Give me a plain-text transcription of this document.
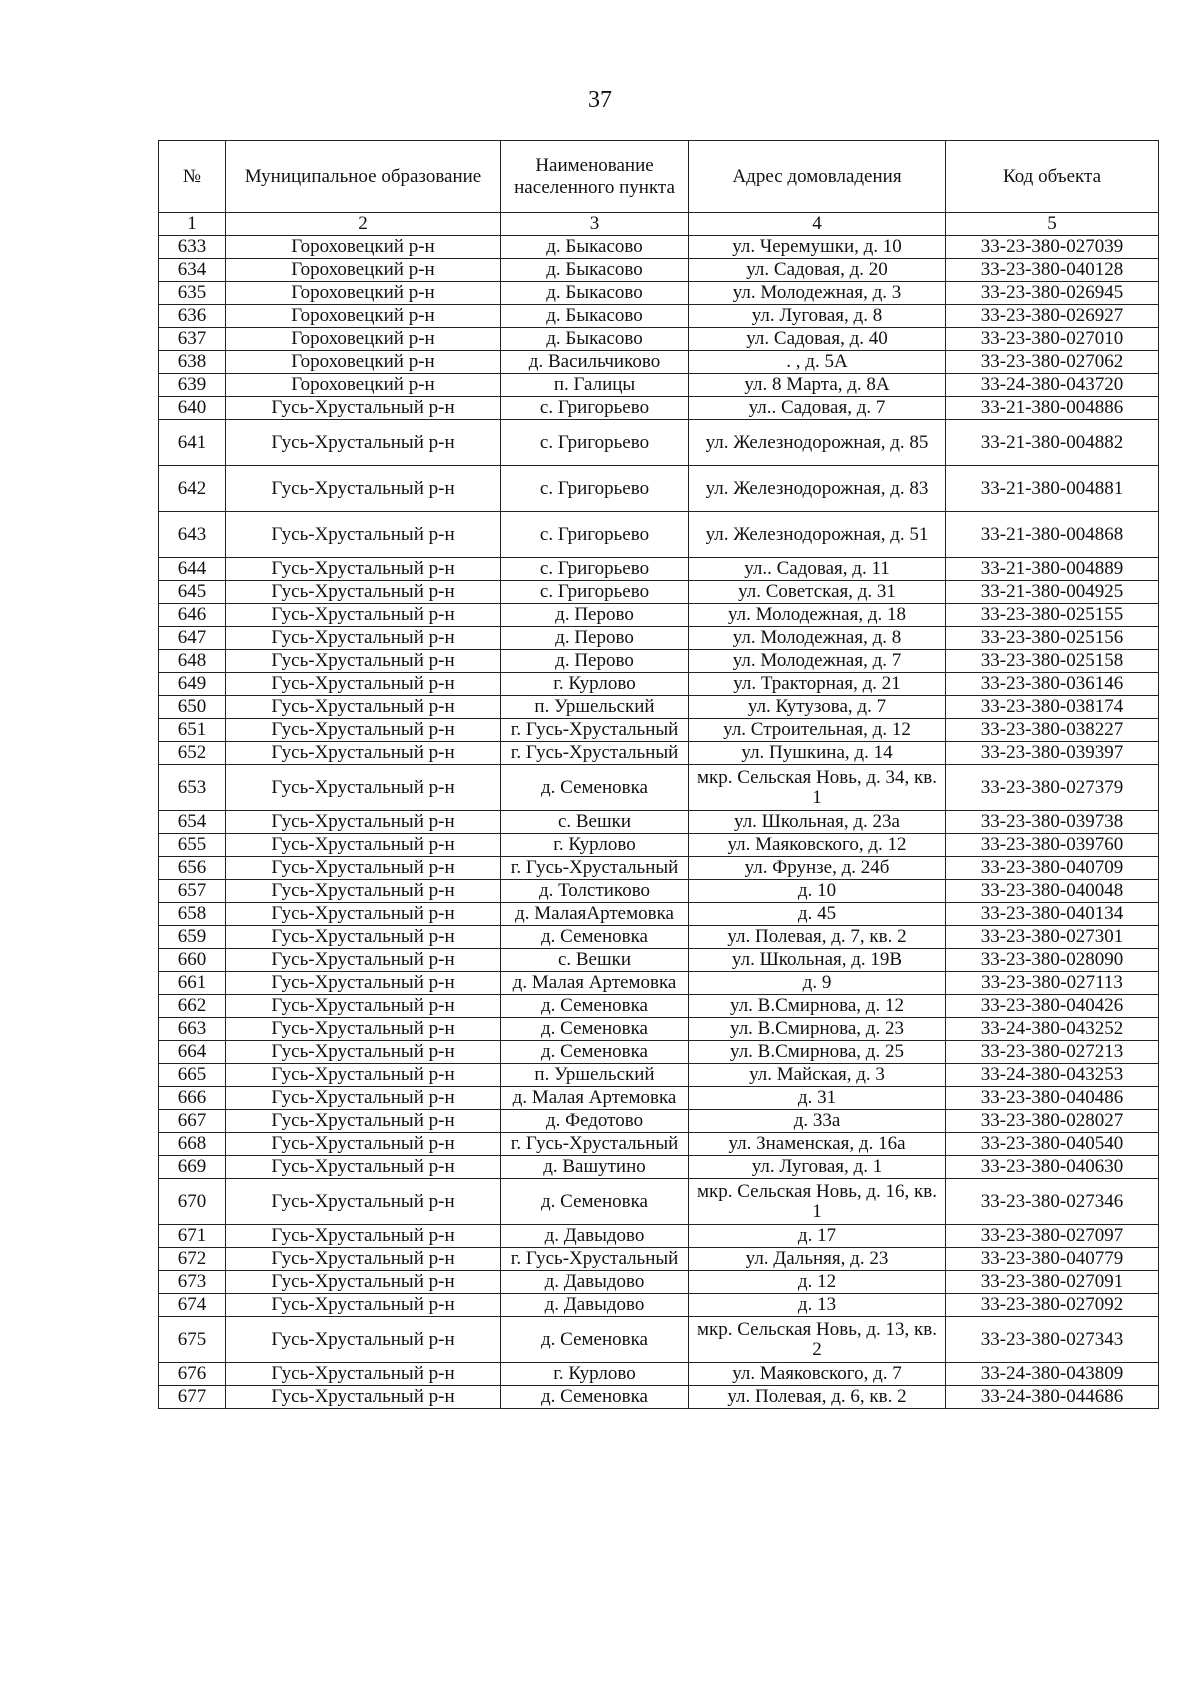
37
№	Муниципальное образование	Наименование населенного пункта	Адрес домовладения	Код объекта
1	2	3	4	5
633	Гороховецкий р-н	д. Быкасово	ул. Черемушки, д. 10	33-23-380-027039
634	Гороховецкий р-н	д. Быкасово	ул. Садовая, д. 20	33-23-380-040128
635	Гороховецкий р-н	д. Быкасово	ул. Молодежная, д. 3	33-23-380-026945
636	Гороховецкий р-н	д. Быкасово	ул. Луговая, д. 8	33-23-380-026927
637	Гороховецкий р-н	д. Быкасово	ул. Садовая, д. 40	33-23-380-027010
638	Гороховецкий р-н	д. Васильчиково	. , д. 5А	33-23-380-027062
639	Гороховецкий р-н	п. Галицы	ул. 8 Марта, д. 8А	33-24-380-043720
640	Гусь-Хрустальный р-н	с. Григорьево	ул.. Садовая, д. 7	33-21-380-004886
641	Гусь-Хрустальный р-н	с. Григорьево	ул. Железнодорожная, д. 85	33-21-380-004882
642	Гусь-Хрустальный р-н	с. Григорьево	ул. Железнодорожная, д. 83	33-21-380-004881
643	Гусь-Хрустальный р-н	с. Григорьево	ул. Железнодорожная, д. 51	33-21-380-004868
644	Гусь-Хрустальный р-н	с. Григорьево	ул.. Садовая, д. 11	33-21-380-004889
645	Гусь-Хрустальный р-н	с. Григорьево	ул. Советская, д. 31	33-21-380-004925
646	Гусь-Хрустальный р-н	д. Перово	ул. Молодежная, д. 18	33-23-380-025155
647	Гусь-Хрустальный р-н	д. Перово	ул. Молодежная, д. 8	33-23-380-025156
648	Гусь-Хрустальный р-н	д. Перово	ул. Молодежная, д. 7	33-23-380-025158
649	Гусь-Хрустальный р-н	г. Курлово	ул. Тракторная, д. 21	33-23-380-036146
650	Гусь-Хрустальный р-н	п. Уршельский	ул. Кутузова, д. 7	33-23-380-038174
651	Гусь-Хрустальный р-н	г. Гусь-Хрустальный	ул. Строительная, д. 12	33-23-380-038227
652	Гусь-Хрустальный р-н	г. Гусь-Хрустальный	ул. Пушкина, д. 14	33-23-380-039397
653	Гусь-Хрустальный р-н	д. Семеновка	мкр. Сельская Новь, д. 34, кв. 1	33-23-380-027379
654	Гусь-Хрустальный р-н	с. Вешки	ул. Школьная, д. 23а	33-23-380-039738
655	Гусь-Хрустальный р-н	г. Курлово	ул. Маяковского, д. 12	33-23-380-039760
656	Гусь-Хрустальный р-н	г. Гусь-Хрустальный	ул. Фрунзе, д. 24б	33-23-380-040709
657	Гусь-Хрустальный р-н	д. Толстиково	д. 10	33-23-380-040048
658	Гусь-Хрустальный р-н	д. МалаяАртемовка	д. 45	33-23-380-040134
659	Гусь-Хрустальный р-н	д. Семеновка	ул. Полевая, д. 7, кв. 2	33-23-380-027301
660	Гусь-Хрустальный р-н	с. Вешки	ул. Школьная, д. 19В	33-23-380-028090
661	Гусь-Хрустальный р-н	д. Малая Артемовка	д. 9	33-23-380-027113
662	Гусь-Хрустальный р-н	д. Семеновка	ул. В.Смирнова, д. 12	33-23-380-040426
663	Гусь-Хрустальный р-н	д. Семеновка	ул. В.Смирнова, д. 23	33-24-380-043252
664	Гусь-Хрустальный р-н	д. Семеновка	ул. В.Смирнова, д. 25	33-23-380-027213
665	Гусь-Хрустальный р-н	п. Уршельский	ул. Майская, д. 3	33-24-380-043253
666	Гусь-Хрустальный р-н	д. Малая Артемовка	д. 31	33-23-380-040486
667	Гусь-Хрустальный р-н	д. Федотово	д. 33а	33-23-380-028027
668	Гусь-Хрустальный р-н	г. Гусь-Хрустальный	ул. Знаменская, д. 16а	33-23-380-040540
669	Гусь-Хрустальный р-н	д. Вашутино	ул. Луговая, д. 1	33-23-380-040630
670	Гусь-Хрустальный р-н	д. Семеновка	мкр. Сельская Новь, д. 16, кв. 1	33-23-380-027346
671	Гусь-Хрустальный р-н	д. Давыдово	д. 17	33-23-380-027097
672	Гусь-Хрустальный р-н	г. Гусь-Хрустальный	ул. Дальняя, д. 23	33-23-380-040779
673	Гусь-Хрустальный р-н	д. Давыдово	д. 12	33-23-380-027091
674	Гусь-Хрустальный р-н	д. Давыдово	д. 13	33-23-380-027092
675	Гусь-Хрустальный р-н	д. Семеновка	мкр. Сельская Новь, д. 13, кв. 2	33-23-380-027343
676	Гусь-Хрустальный р-н	г. Курлово	ул. Маяковского, д. 7	33-24-380-043809
677	Гусь-Хрустальный р-н	д. Семеновка	ул. Полевая, д. 6, кв. 2	33-24-380-044686
